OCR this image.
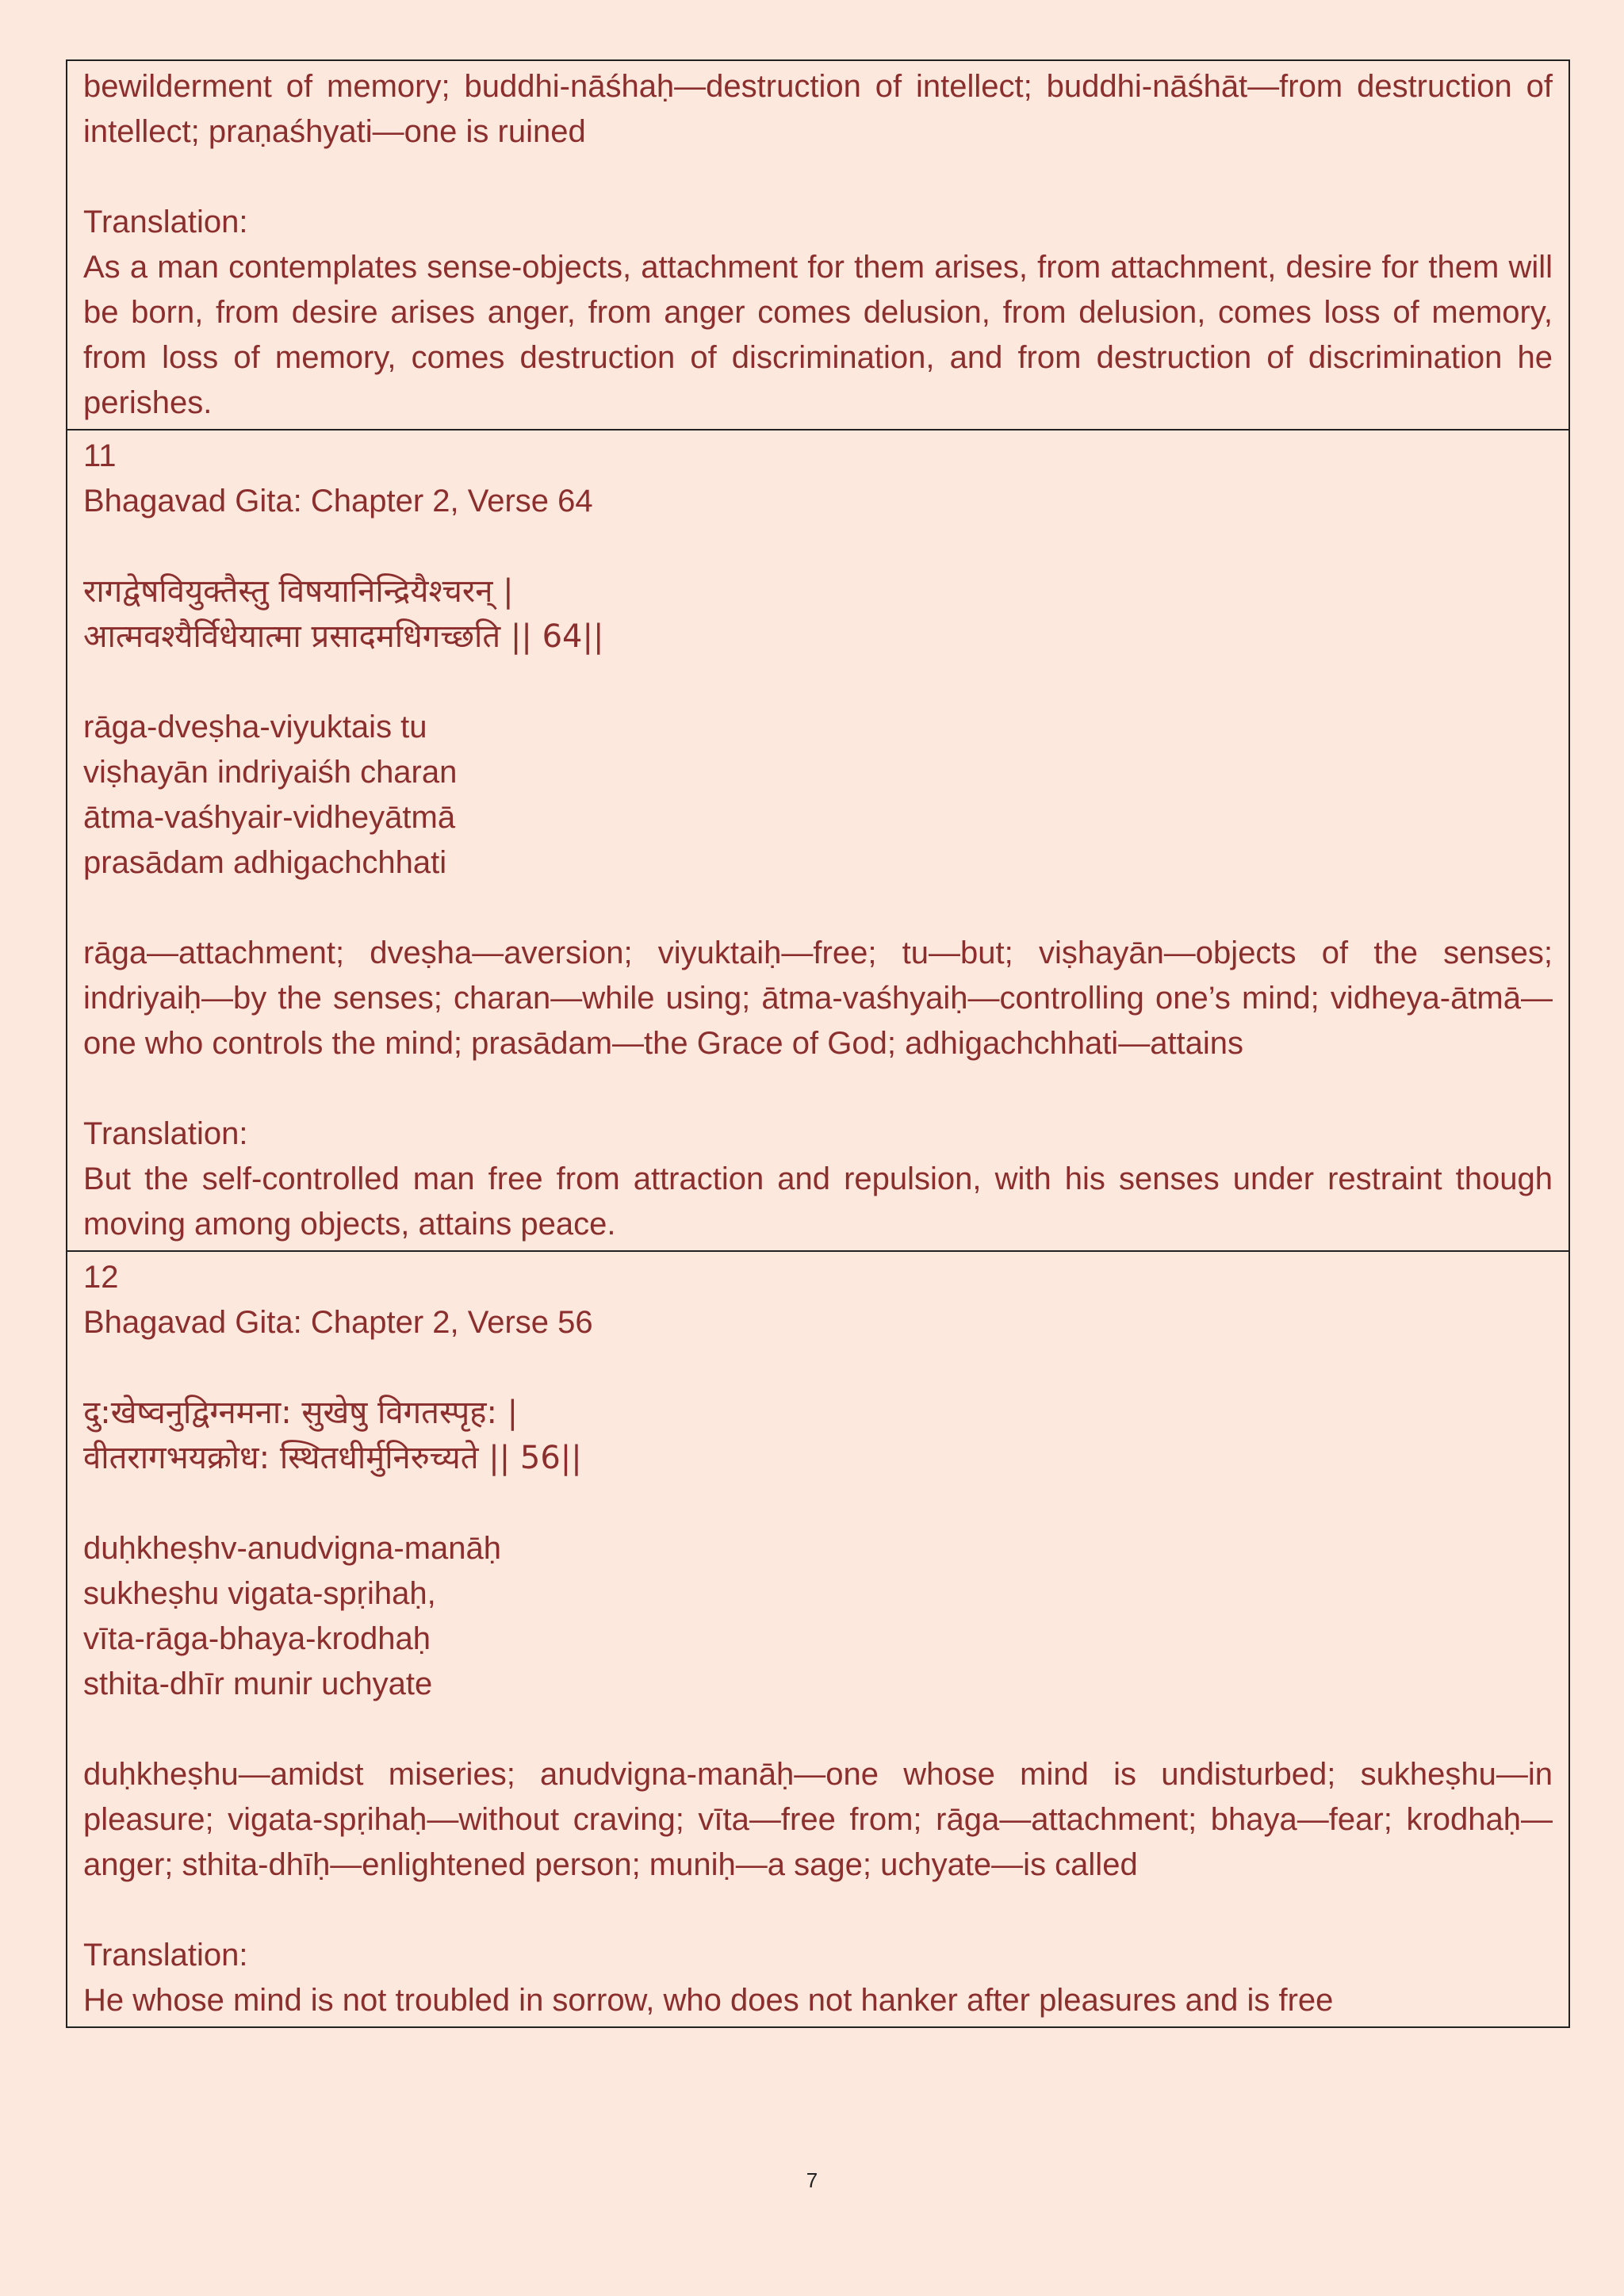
bewilderment of memory; buddhi-nāśhaḥ—destruction of intellect; buddhi-nāśhāt—from destruction of intellect; praṇaśhyati—one is ruined

Translation:

As a man contemplates sense-objects, attachment for them arises, from attachment, desire for them will be born, from desire arises anger, from anger comes delusion, from delusion, comes loss of memory, from loss of memory, comes destruction of discrimination, and from destruction of discrimination he perishes.

11

Bhagavad Gita: Chapter 2, Verse 64

रागद्वेषवियुक्तैस्तु विषयानिन्द्रियैश्चरन् |

आत्मवश्यैर्विधेयात्मा प्रसादमधिगच्छति || 64||

rāga-dveṣha-viyuktais tu

viṣhayān indriyaiśh charan

ātma-vaśhyair-vidheyātmā

prasādam adhigachchhati

rāga—attachment; dveṣha—aversion; viyuktaiḥ—free; tu—but; viṣhayān—objects of the senses; indriyaiḥ—by the senses; charan—while using; ātma-vaśhyaiḥ—controlling one’s mind; vidheya-ātmā—one who controls the mind; prasādam—the Grace of God; adhigachchhati—attains

Translation:

But the self-controlled man free from attraction and repulsion, with his senses under restraint though moving among objects, attains peace.

12

Bhagavad Gita: Chapter 2, Verse 56

दु:खेष्वनुद्विग्नमना: सुखेषु विगतस्पृह: |

वीतरागभयक्रोध: स्थितधीर्मुनिरुच्यते || 56||

duḥkheṣhv-anudvigna-manāḥ

sukheṣhu vigata-spṛihaḥ,

vīta-rāga-bhaya-krodhaḥ

sthita-dhīr munir uchyate

duḥkheṣhu—amidst miseries; anudvigna-manāḥ—one whose mind is undisturbed; sukheṣhu—in pleasure; vigata-spṛihaḥ—without craving; vīta—free from; rāga—attachment; bhaya—fear; krodhaḥ—anger; sthita-dhīḥ—enlightened person; muniḥ—a sage; uchyate—is called

Translation:

He whose mind is not troubled in sorrow, who does not hanker after pleasures and is free

7
